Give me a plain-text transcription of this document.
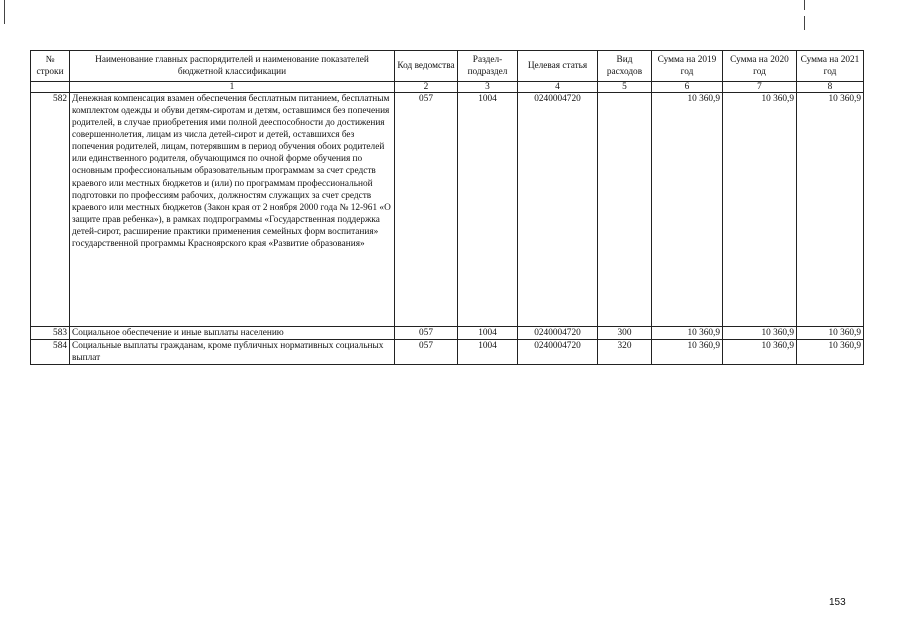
№ строки	Наименование главных распорядителей и наименование показателей бюджетной классификации	Код ведомства	Раздел-подраздел	Целевая статья	Вид расходов	Сумма на 2019 год	Сумма на 2020 год	Сумма на 2021 год
	1	2	3	4	5	6	7	8
582	Денежная компенсация взамен обеспечения бесплатным питанием, бесплатным комплектом одежды и обуви детям-сиротам и детям, оставшимся без попечения родителей, в случае приобретения ими полной дееспособности до достижения совершеннолетия, лицам из числа детей-сирот и детей, оставшихся без попечения родителей, лицам, потерявшим в период обучения обоих родителей или единственного родителя, обучающимся по очной форме обучения по основным профессиональным образовательным программам за счет средств краевого или местных бюджетов и (или) по программам профессиональной подготовки по профессиям рабочих, должностям служащих за счет средств краевого или местных бюджетов (Закон края от 2 ноября 2000 года № 12-961 «О защите прав ребенка»), в рамках подпрограммы «Государственная поддержка детей-сирот, расширение практики применения семейных форм воспитания» государственной программы Красноярского края «Развитие образования»	057	1004	0240004720		10 360,9	10 360,9	10 360,9
583	Социальное обеспечение и иные выплаты населению	057	1004	0240004720	300	10 360,9	10 360,9	10 360,9
584	Социальные выплаты гражданам, кроме публичных нормативных социальных выплат	057	1004	0240004720	320	10 360,9	10 360,9	10 360,9
153
